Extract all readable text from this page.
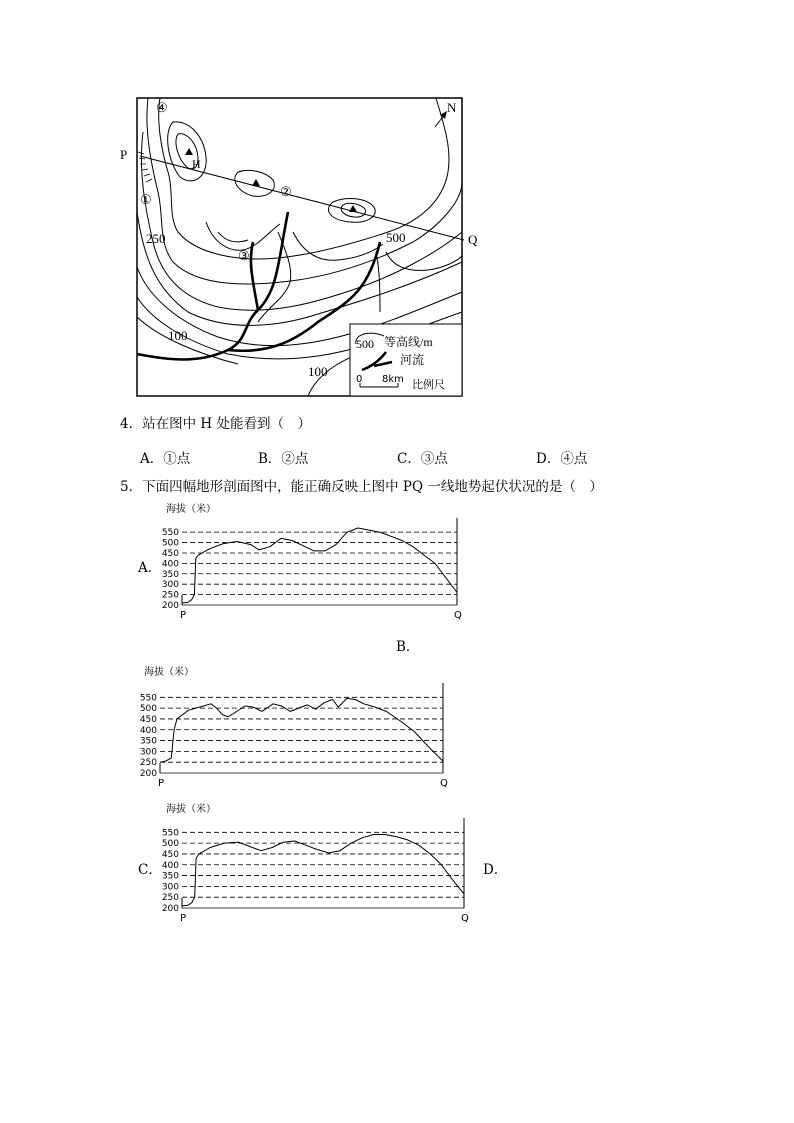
N
P
Q
H
④
①
②
③
250	500
100
100
500 等高线/m
河流
0 8km 比例尺
4．站在图中 H 处能看到（　）
A．①点	B．②点	C．③点	D．④点
5．下面四幅地形剖面图中，能正确反映上图中 PQ 一线地势起伏状况的是（　）
A．
B．
C．	D．
海拔（米）
550
500
450
400
350
300
250
200
P	Q
海拔（米）
550
500
450
400
350
300
250
200
P	Q
海拔（米）
550
500
450
400
350
300
250
200
P	Q
